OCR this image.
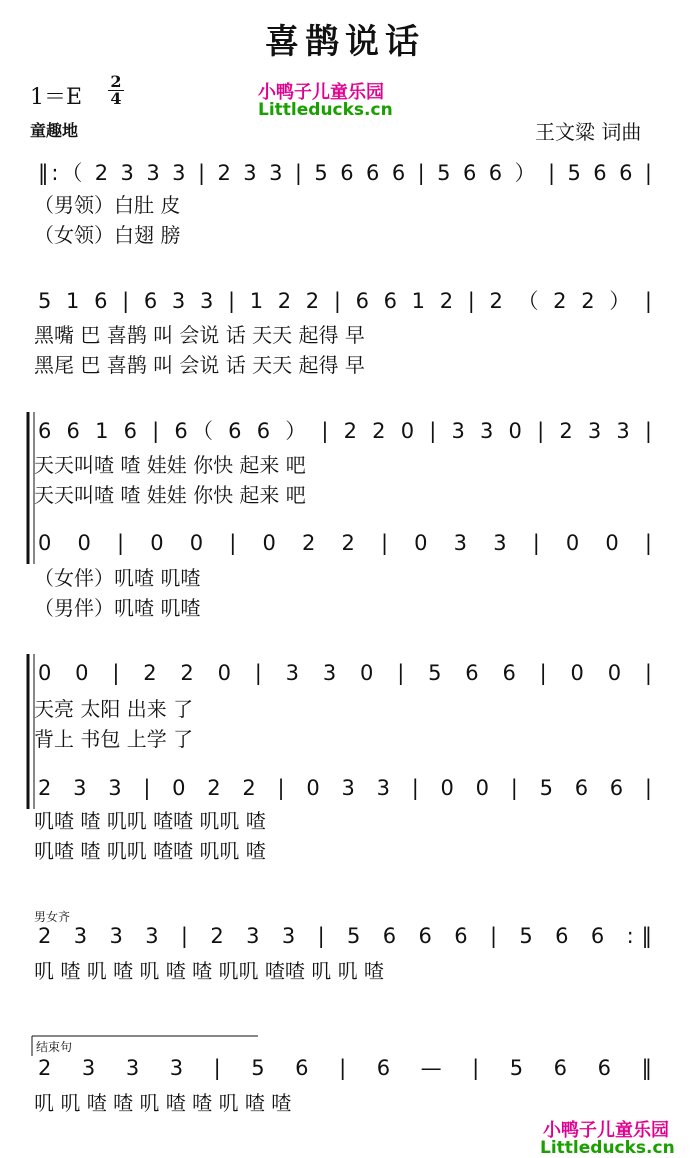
喜鹊说话
1＝E
2
4
童趣地	王文粱 词曲
小鸭子儿童乐园
Littleducks.cn
小鸭子儿童乐园
Littleducks.cn
男女齐
结束句
‖:（ 2 3 3 3 | 2 3 3 | 5 6 6 6 | 5 6 6 ） | 5 6 6 |
（男领）白肚 皮
（女领）白翅 膀
5 1 6 | 6 3 3 | 1 2 2 | 6 6 1 2 | 2 （ 2 2 ） |
黑嘴 巴 喜鹊 叫 会说 话 天天 起得 早
黑尾 巴 喜鹊 叫 会说 话 天天 起得 早
6 6 1 6 | 6（ 6 6 ） | 2 2 0 | 3 3 0 | 2 3 3 |
天天叫喳 喳 娃娃 你快 起来 吧
天天叫喳 喳 娃娃 你快 起来 吧
0 0 | 0 0 | 0 2 2 | 0 3 3 | 0 0 |
（女伴）叽喳 叽喳
（男伴）叽喳 叽喳
0 0 | 2 2 0 | 3 3 0 | 5 6 6 | 0 0 |
天亮 太阳 出来 了
背上 书包 上学 了
2 3 3 | 0 2 2 | 0 3 3 | 0 0 | 5 6 6 |
叽喳 喳 叽叽 喳喳 叽叽 喳
叽喳 喳 叽叽 喳喳 叽叽 喳
2 3 3 3 | 2 3 3 | 5 6 6 6 | 5 6 6 :‖
叽 喳 叽 喳 叽 喳 喳 叽叽 喳喳 叽 叽 喳
2 3 3 3 | 5 6 | 6 — | 5 6 6 ‖
叽 叽 喳 喳 叽 喳 喳 叽 喳 喳
